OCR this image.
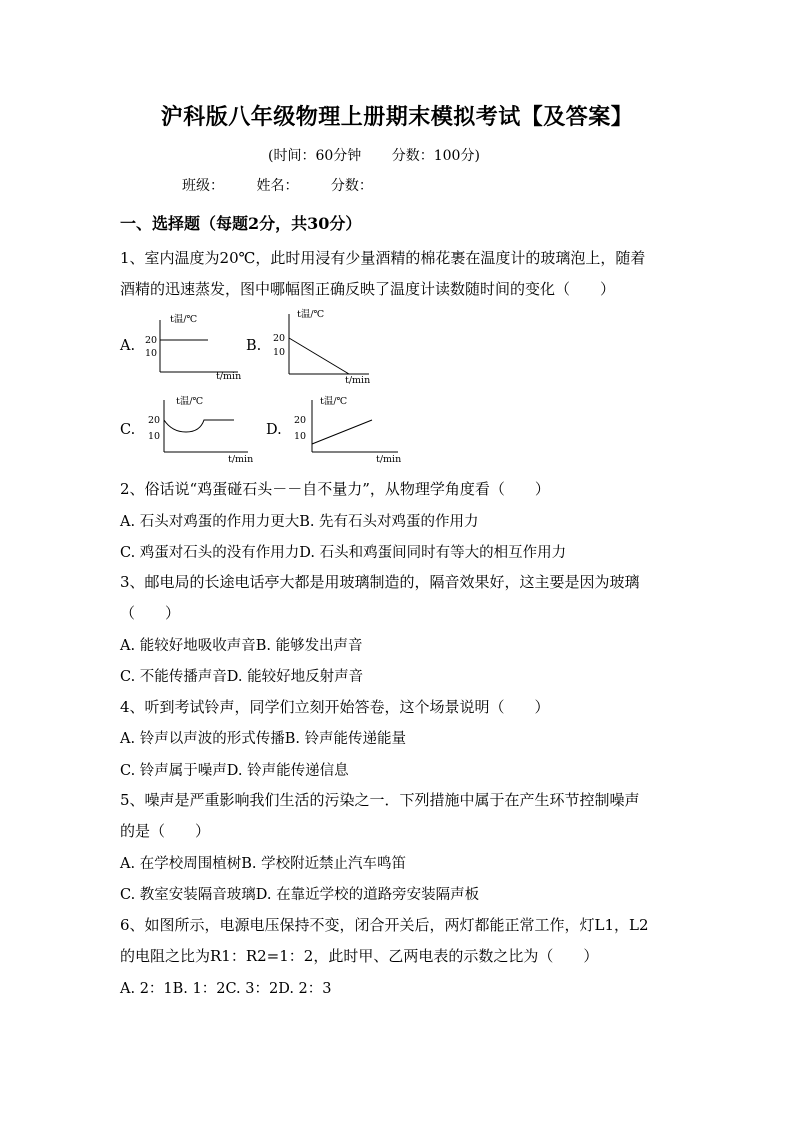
沪科版八年级物理上册期末模拟考试【及答案】
(时间：60分钟 分数：100分)
班级： 姓名： 分数：
一、选择题（每题2分，共30分）
1、室内温度为20℃，此时用浸有少量酒精的棉花裹在温度计的玻璃泡上，随着
酒精的迅速蒸发，图中哪幅图正确反映了温度计读数随时间的变化（　　）
A.
t温/℃
20
10
t/min
B.
t温/℃
20
10
t/min
C.
t温/℃
20
10
t/min
D.
t温/℃
20
10
t/min
2、俗话说“鸡蛋碰石头－－自不量力”，从物理学角度看（　　）
A. 石头对鸡蛋的作用力更大B. 先有石头对鸡蛋的作用力
C. 鸡蛋对石头的没有作用力D. 石头和鸡蛋间同时有等大的相互作用力
3、邮电局的长途电话亭大都是用玻璃制造的，隔音效果好，这主要是因为玻璃
（　　）
A. 能较好地吸收声音B. 能够发出声音
C. 不能传播声音D. 能较好地反射声音
4、听到考试铃声，同学们立刻开始答卷，这个场景说明（　　）
A. 铃声以声波的形式传播B. 铃声能传递能量
C. 铃声属于噪声D. 铃声能传递信息
5、噪声是严重影响我们生活的污染之一．下列措施中属于在产生环节控制噪声
的是（　　）
A. 在学校周围植树B. 学校附近禁止汽车鸣笛
C. 教室安装隔音玻璃D. 在靠近学校的道路旁安装隔声板
6、如图所示，电源电压保持不变，闭合开关后，两灯都能正常工作，灯L1，L2
的电阻之比为R1：R2=1：2，此时甲、乙两电表的示数之比为（　　）
A. 2：1B. 1：2C. 3：2D. 2：3
